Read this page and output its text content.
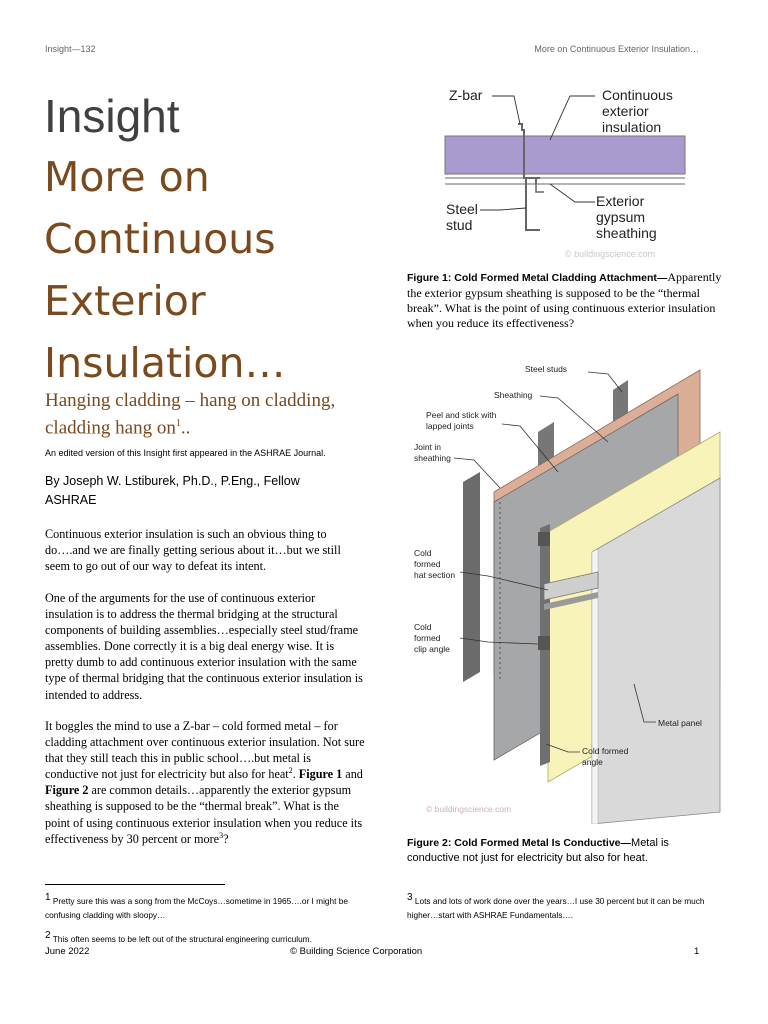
Insight—132	More on Continuous Exterior Insulation…
Insight
More on
Continuous
Exterior
Insulation…
Hanging cladding – hang on cladding,
cladding hang $on^1$..
An edited version of this Insight first appeared in the ASHRAE Journal.
By Joseph W. Lstiburek, Ph.D., P.Eng., Fellow ASHRAE
Continuous exterior insulation is such an obvious thing to do….and we are finally getting serious about it…but we still seem to go out of our way to defeat its intent.
One of the arguments for the use of continuous exterior insulation is to address the thermal bridging at the structural components of building assemblies…especially steel stud/frame assemblies. Done correctly it is a big deal energy wise. It is pretty dumb to add continuous exterior insulation with the same type of thermal bridging that the continuous exterior insulation is intended to address.
It boggles the mind to use a Z-bar – cold formed metal – for cladding attachment over continuous exterior insulation. Not sure that they still teach this in public school….but metal is conductive not just for electricity but also for heat$^2$. Figure 1 and Figure 2 are common details…apparently the exterior gypsum sheathing is supposed to be the “thermal break”. What is the point of using continuous exterior insulation when you reduce its effectiveness by 30 percent or more$^3$?
Z-bar	Continuous
exterior
insulation
Steel
stud
Exterior
gypsum
sheathing
© buildingscience.com
Figure 1: Cold Formed Metal Cladding Attachment—Apparently the exterior gypsum sheathing is supposed to be the “thermal break”. What is the point of using continuous exterior insulation when you reduce its effectiveness?
Steel studs
Sheathing
Peel and stick with
lapped joints
Joint in
sheathing
Cold
formed
hat section
Cold
formed
clip angle
Metal panel
Cold formed
angle
© buildingscience.com
Figure 2: Cold Formed Metal Is Conductive—Metal is conductive not just for electricity but also for heat.
$^1$ Pretty sure this was a song from the McCoys…sometime in 1965….or I might be confusing cladding with sloopy…
$^2$ This often seems to be left out of the structural engineering curriculum.
$^3$ Lots and lots of work done over the years…I use 30 percent but it can be much higher…start with ASHRAE Fundamentals….
June 2022	© Building Science Corporation	1
